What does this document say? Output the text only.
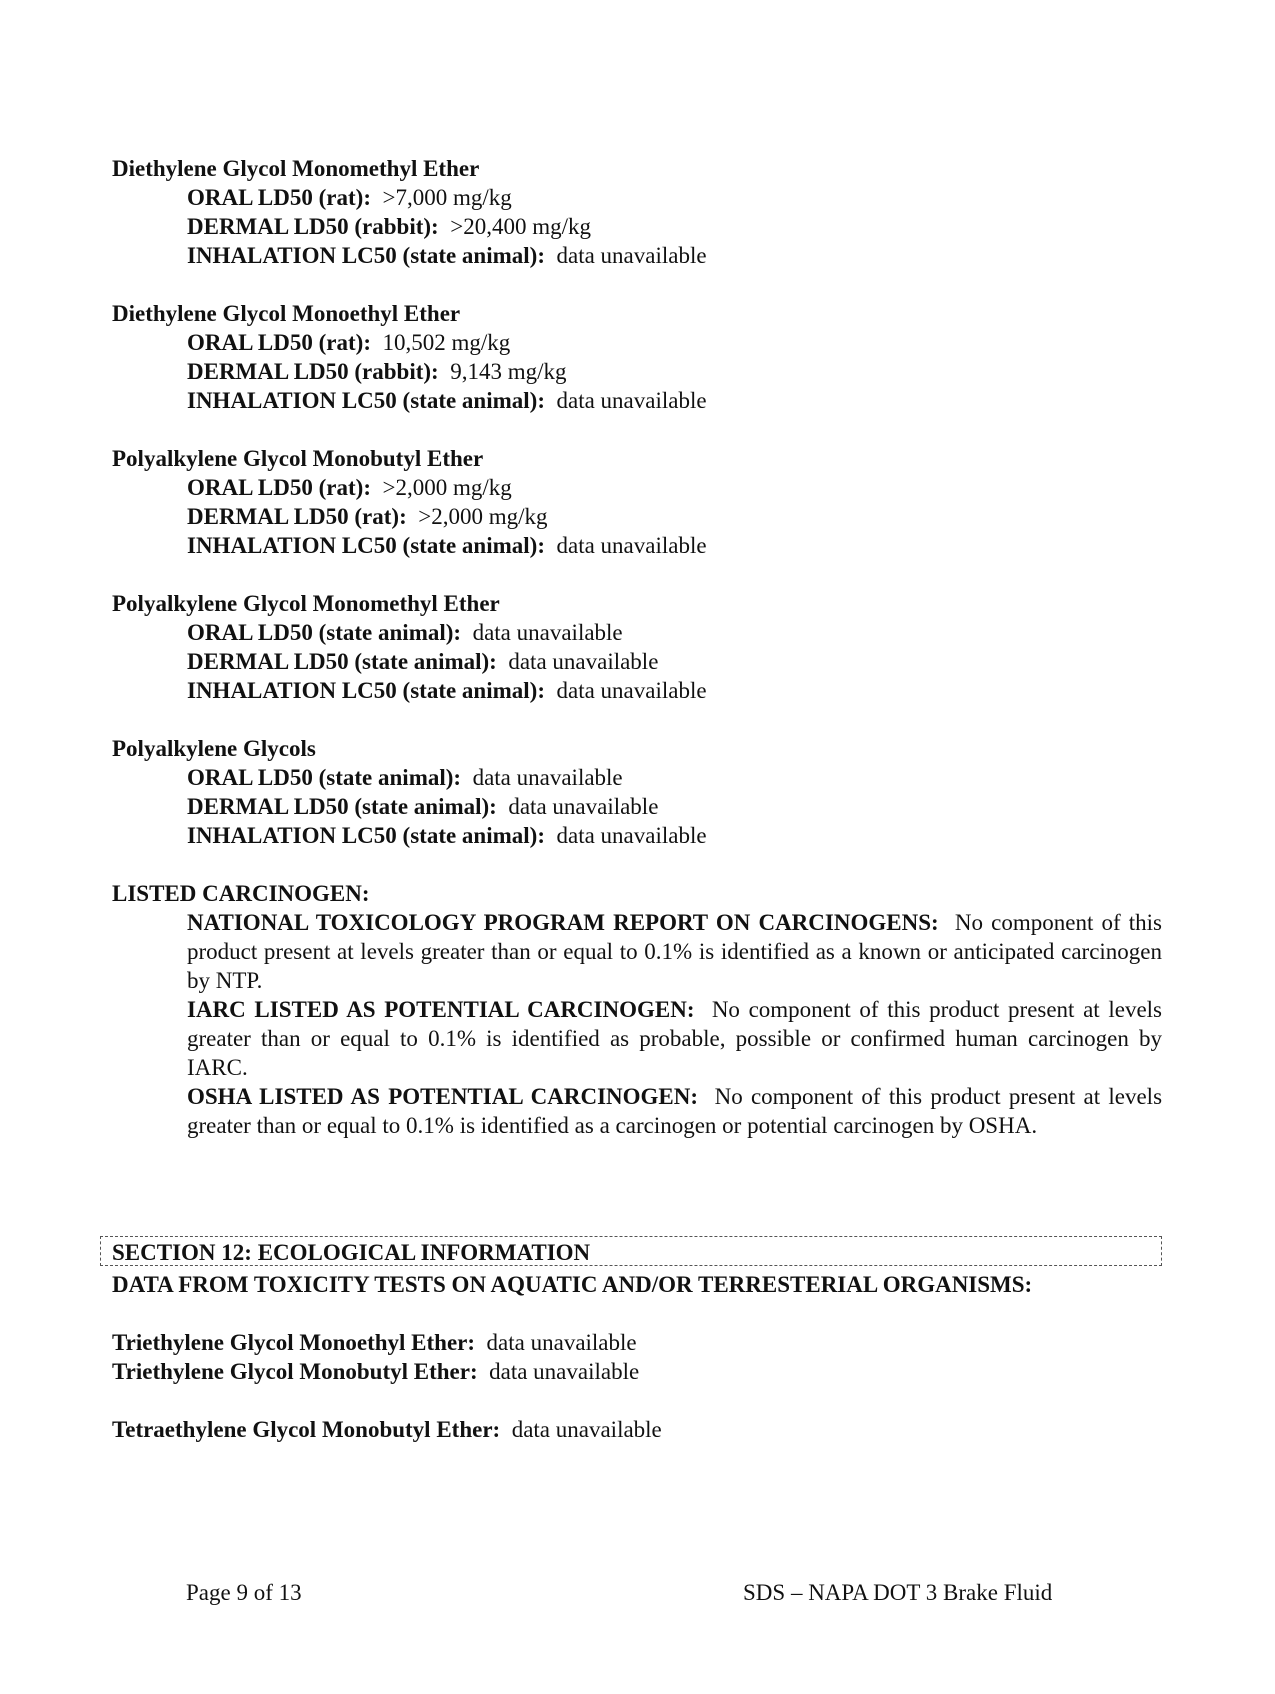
Diethylene Glycol Monomethyl Ether
ORAL LD50 (rat): >7,000 mg/kg
DERMAL LD50 (rabbit): >20,400 mg/kg
INHALATION LC50 (state animal): data unavailable
Diethylene Glycol Monoethyl Ether
ORAL LD50 (rat): 10,502 mg/kg
DERMAL LD50 (rabbit): 9,143 mg/kg
INHALATION LC50 (state animal): data unavailable
Polyalkylene Glycol Monobutyl Ether
ORAL LD50 (rat): >2,000 mg/kg
DERMAL LD50 (rat): >2,000 mg/kg
INHALATION LC50 (state animal): data unavailable
Polyalkylene Glycol Monomethyl Ether
ORAL LD50 (state animal): data unavailable
DERMAL LD50 (state animal): data unavailable
INHALATION LC50 (state animal): data unavailable
Polyalkylene Glycols
ORAL LD50 (state animal): data unavailable
DERMAL LD50 (state animal): data unavailable
INHALATION LC50 (state animal): data unavailable
LISTED CARCINOGEN:
NATIONAL TOXICOLOGY PROGRAM REPORT ON CARCINOGENS: No component of this product present at levels greater than or equal to 0.1% is identified as a known or anticipated carcinogen by NTP.
IARC LISTED AS POTENTIAL CARCINOGEN: No component of this product present at levels greater than or equal to 0.1% is identified as probable, possible or confirmed human carcinogen by IARC.
OSHA LISTED AS POTENTIAL CARCINOGEN: No component of this product present at levels greater than or equal to 0.1% is identified as a carcinogen or potential carcinogen by OSHA.
SECTION 12: ECOLOGICAL INFORMATION
DATA FROM TOXICITY TESTS ON AQUATIC AND/OR TERRESTERIAL ORGANISMS:
Triethylene Glycol Monoethyl Ether: data unavailable
Triethylene Glycol Monobutyl Ether: data unavailable
Tetraethylene Glycol Monobutyl Ether: data unavailable
Page 9 of 13	SDS – NAPA DOT 3 Brake Fluid
